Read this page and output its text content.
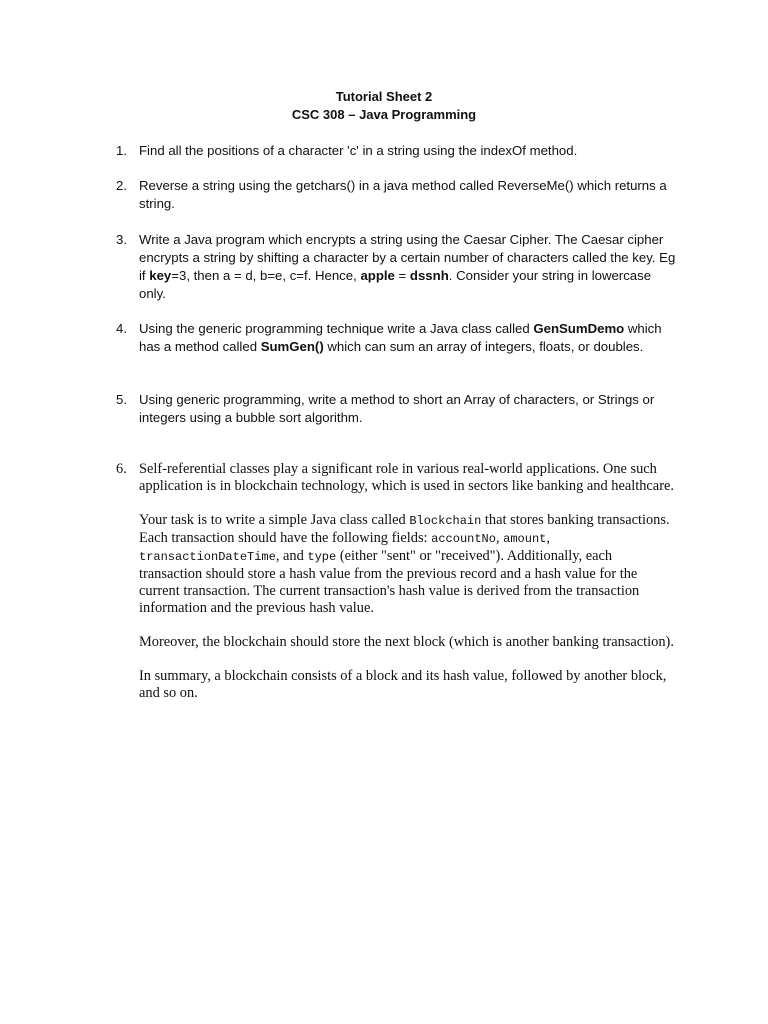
Tutorial Sheet 2
CSC 308 – Java Programming
1. Find all the positions of a character 'c' in a string using the indexOf method.

2. Reverse a string using the getchars() in a java method called ReverseMe() which returns a string.

3. Write a Java program which encrypts a string using the Caesar Cipher. The Caesar cipher encrypts a string by shifting a character by a certain number of characters called the key. Eg if key=3, then a = d, b=e, c=f. Hence, apple = dssnh. Consider your string in lowercase only.

4. Using the generic programming technique write a Java class called GenSumDemo which has a method called SumGen() which can sum an array of integers, floats, or doubles.

5. Using generic programming, write a method to short an Array of characters, or Strings or integers using a bubble sort algorithm.

6. Self-referential classes play a significant role in various real-world applications. One such application is in blockchain technology, which is used in sectors like banking and healthcare.

Your task is to write a simple Java class called Blockchain that stores banking transactions. Each transaction should have the following fields: accountNo, amount, transactionDateTime, and type (either "sent" or "received"). Additionally, each transaction should store a hash value from the previous record and a hash value for the current transaction. The current transaction's hash value is derived from the transaction information and the previous hash value.

Moreover, the blockchain should store the next block (which is another banking transaction).

In summary, a blockchain consists of a block and its hash value, followed by another block, and so on.
